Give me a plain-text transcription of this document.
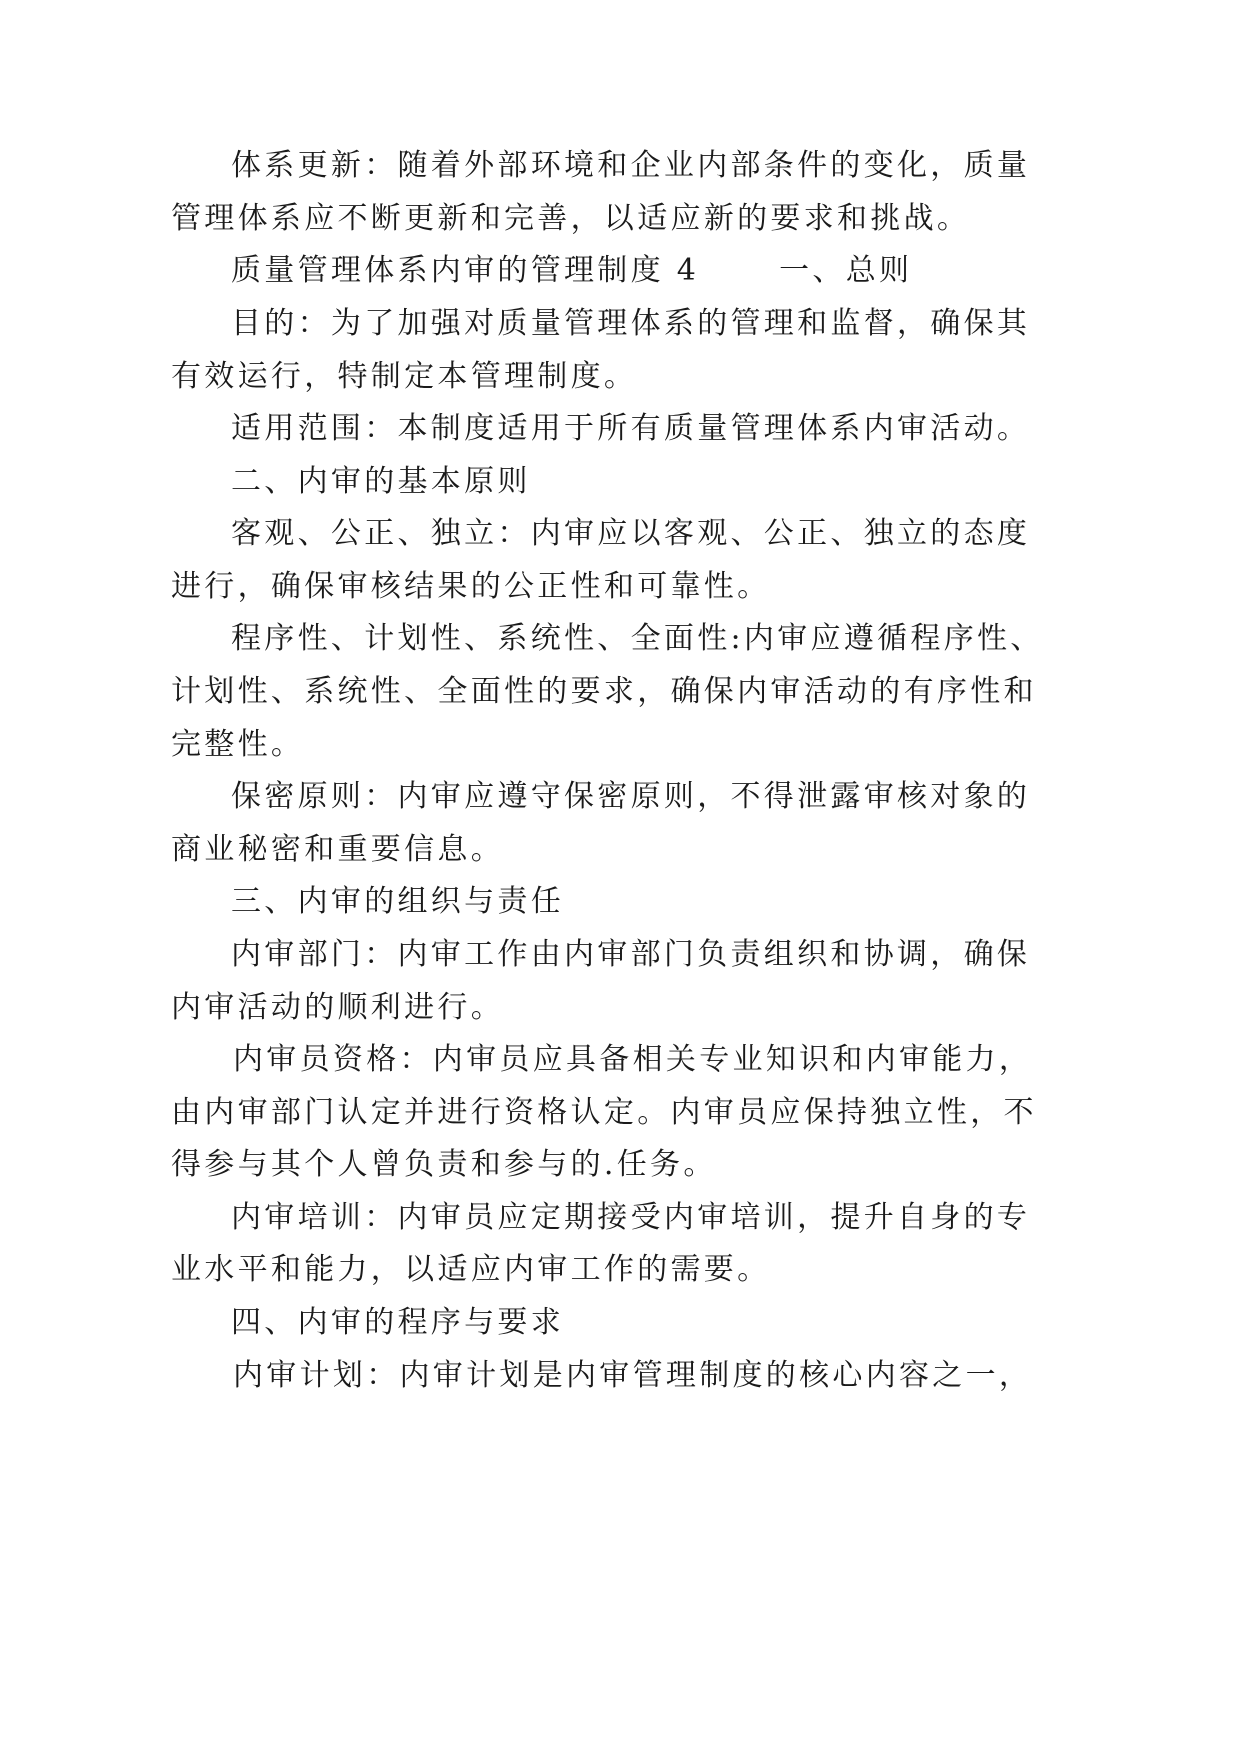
体系更新：随着外部环境和企业内部条件的变化，质量

管理体系应不断更新和完善，以适应新的要求和挑战。

质量管理体系内审的管理制度 4	一、总则

目的：为了加强对质量管理体系的管理和监督，确保其

有效运行，特制定本管理制度。

适用范围：本制度适用于所有质量管理体系内审活动。

二、内审的基本原则

客观、公正、独立：内审应以客观、公正、独立的态度

进行，确保审核结果的公正性和可靠性。

程序性、计划性、系统性、全面性:内审应遵循程序性、

计划性、系统性、全面性的要求，确保内审活动的有序性和

完整性。

保密原则：内审应遵守保密原则，不得泄露审核对象的

商业秘密和重要信息。

三、内审的组织与责任

内审部门：内审工作由内审部门负责组织和协调，确保

内审活动的顺利进行。

内审员资格：内审员应具备相关专业知识和内审能力，

由内审部门认定并进行资格认定。内审员应保持独立性，不

得参与其个人曾负责和参与的.任务。

内审培训：内审员应定期接受内审培训，提升自身的专

业水平和能力，以适应内审工作的需要。

四、内审的程序与要求

内审计划：内审计划是内审管理制度的核心内容之一，
